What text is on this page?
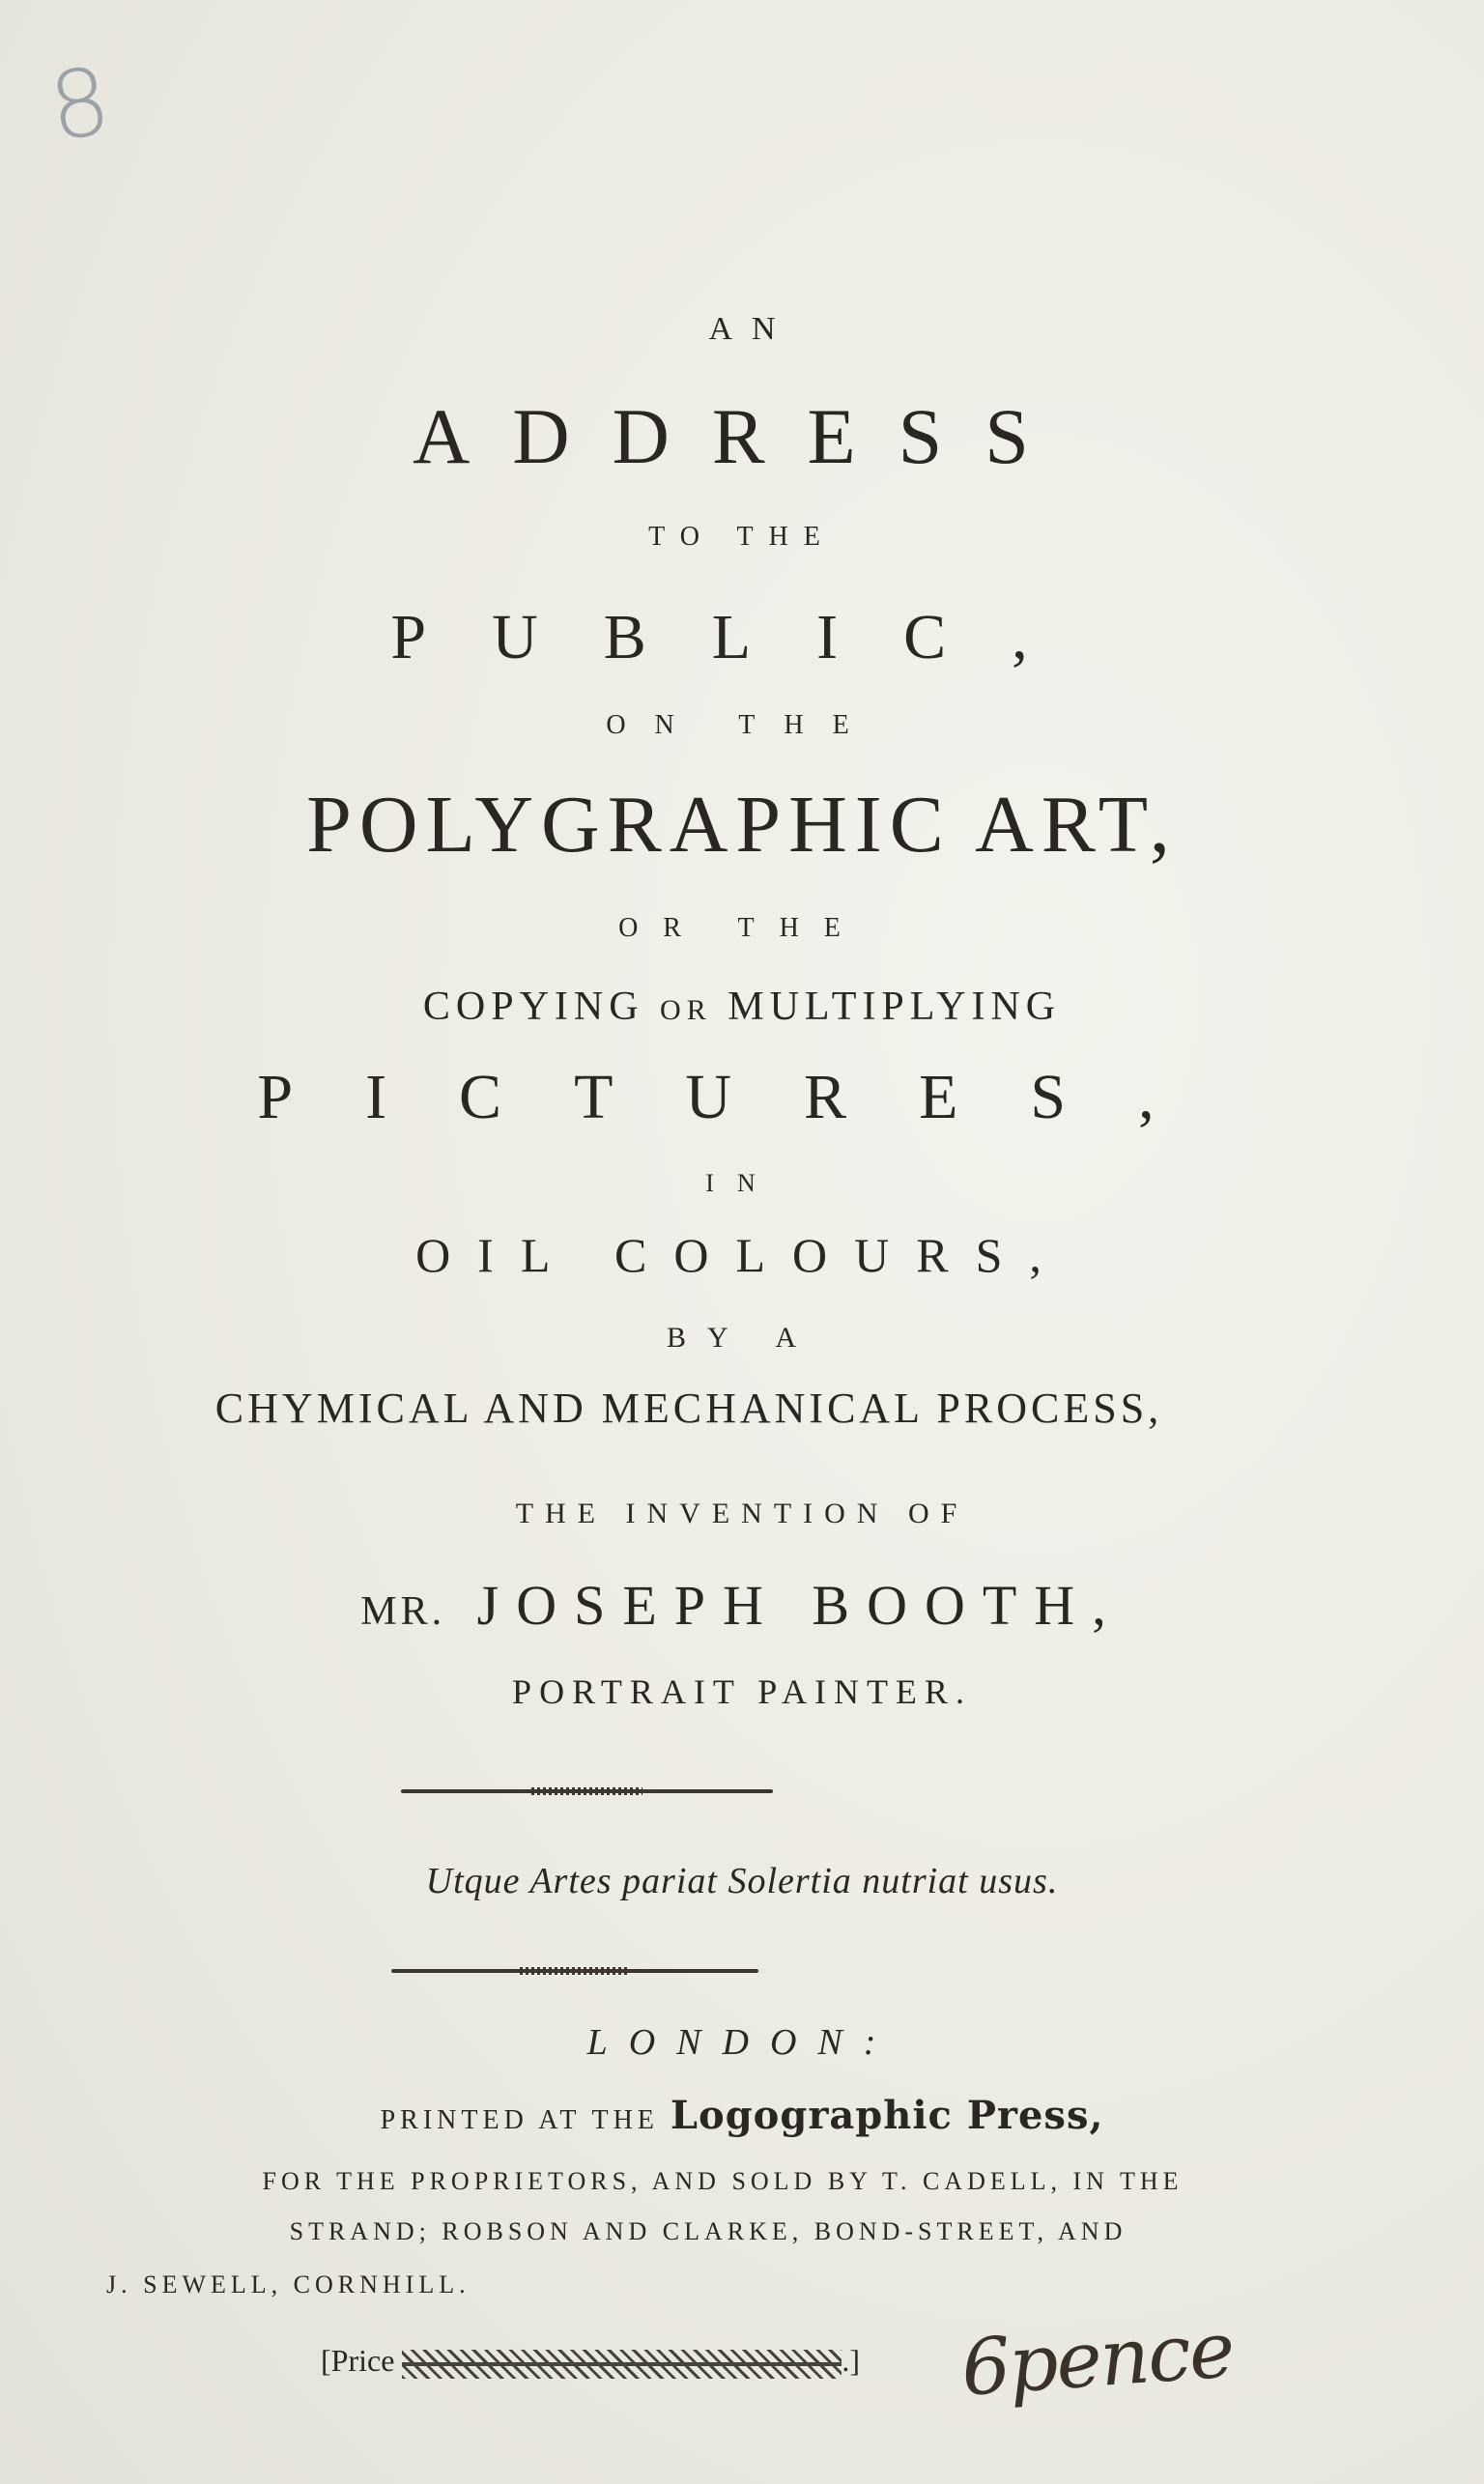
8
AN
ADDRESS
TO THE
PUBLIC,
ON THE
POLYGRAPHIC ART,
OR THE
COPYING OR MULTIPLYING
PICTURES,
IN
OIL COLOURS,
BY A
CHYMICAL AND MECHANICAL PROCESS,
THE INVENTION OF
MR. JOSEPH BOOTH,
PORTRAIT PAINTER.
Utque Artes pariat Solertia nutriat usus.
LONDON:
PRINTED AT THE Logographic Press,
FOR THE PROPRIETORS, AND SOLD BY T. CADELL, IN THE
STRAND; ROBSON AND CLARKE, BOND-STREET, AND
J. SEWELL, CORNHILL.
[Price	.] 6pence
